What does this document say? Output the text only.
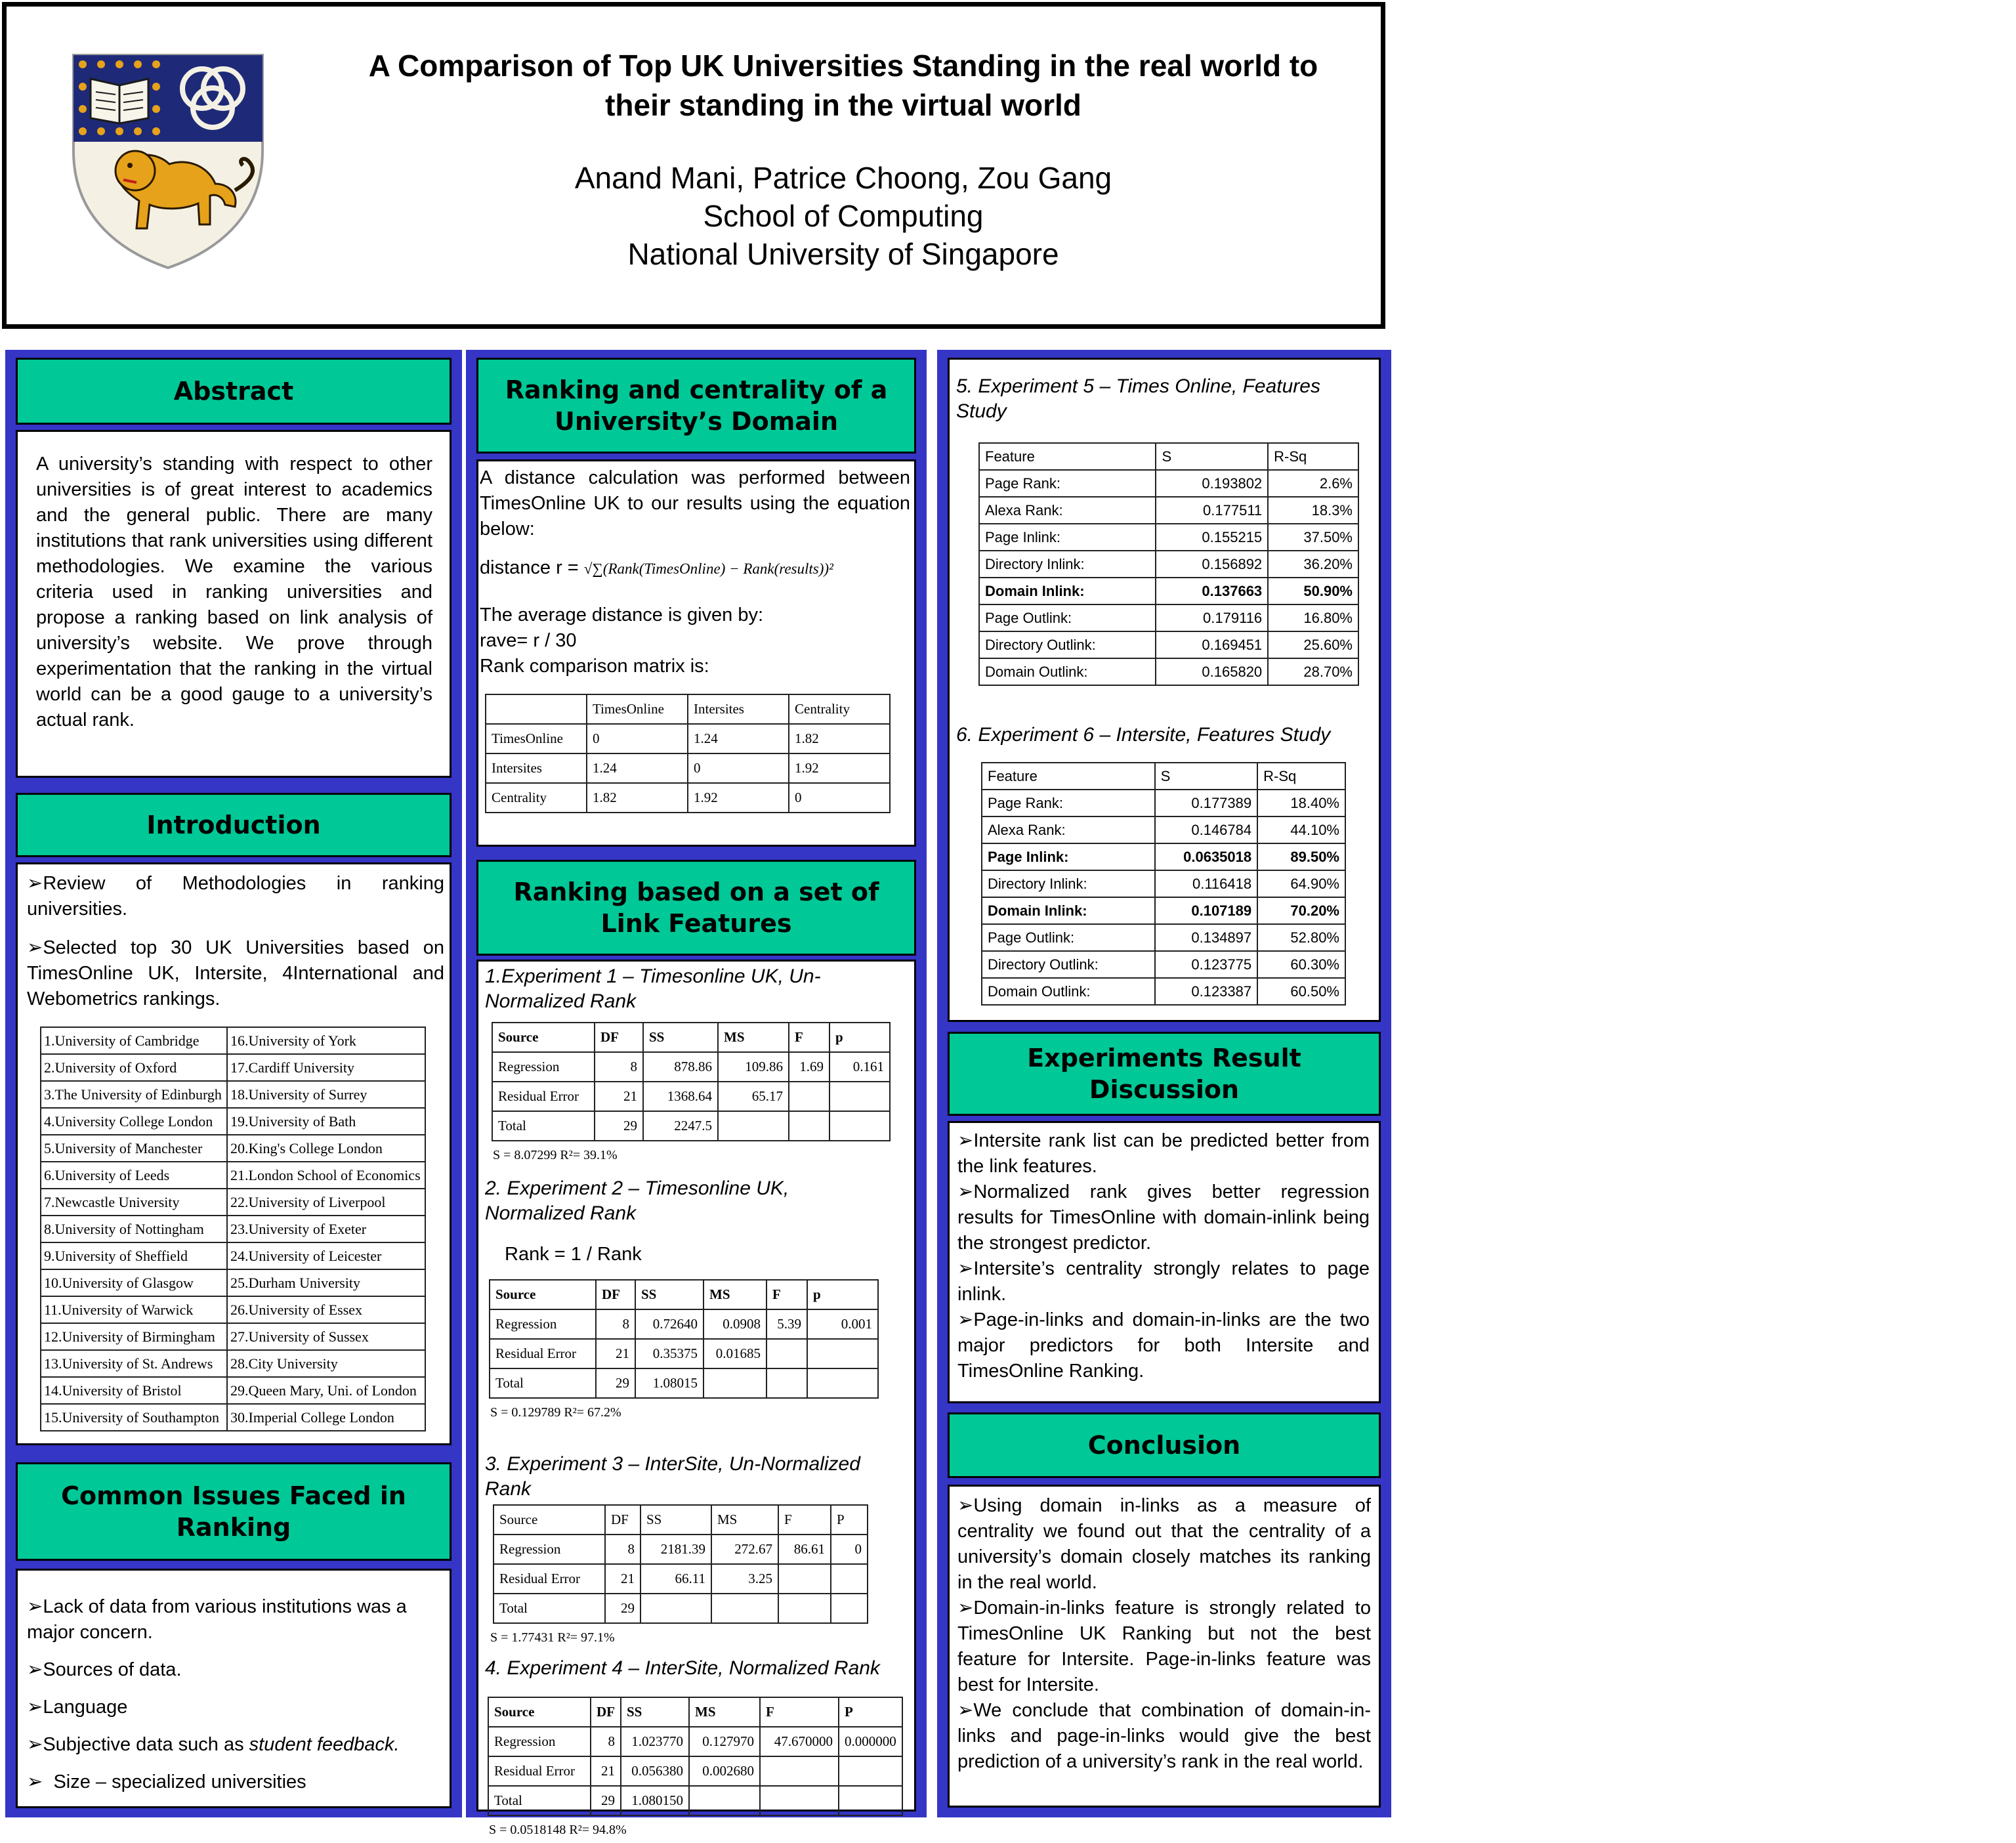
A Comparison of Top UK Universities Standing in the real world to
their standing in the virtual world
Anand Mani, Patrice Choong, Zou Gang
School of Computing
National University of Singapore
Abstract
A university’s standing with respect to other universities is of great interest to academics and the general public. There are many institutions that rank universities using different methodologies. We examine the various criteria used in ranking universities and propose a ranking based on link analysis of university’s website. We prove through experimentation that the ranking in the virtual world can be a good gauge to a university’s actual rank.
Introduction
➢Review of Methodologies in ranking universities.
➢Selected top 30 UK Universities based on TimesOnline UK, Intersite, 4International and Webometrics rankings.
1.University of Cambridge	16.University of York
2.University of Oxford	17.Cardiff University
3.The University of Edinburgh	18.University of Surrey
4.University College London	19.University of Bath
5.University of Manchester	20.King's College London
6.University of Leeds	21.London School of Economics
7.Newcastle University	22.University of Liverpool
8.University of Nottingham	23.University of Exeter
9.University of Sheffield	24.University of Leicester
10.University of Glasgow	25.Durham University
11.University of Warwick	26.University of Essex
12.University of Birmingham	27.University of Sussex
13.University of St. Andrews	28.City University
14.University of Bristol	29.Queen Mary, Uni. of London
15.University of Southampton	30.Imperial College London
Common Issues Faced in Ranking
➢Lack of data from various institutions was a major concern.
➢Sources of data.
➢Language
➢Subjective data such as student feedback.
➢ Size – specialized universities
Ranking and centrality of a University’s Domain
A distance calculation was performed between TimesOnline UK to our results using the equation below:
distance r = √∑(Rank(TimesOnline) − Rank(results))²
The average distance is given by:
rave= r / 30
Rank comparison matrix is:
	TimesOnline	Intersites	Centrality
TimesOnline	0	1.24	1.82
Intersites	1.24	0	1.92
Centrality	1.82	1.92	0
Ranking based on a set of Link Features
1.Experiment 1 – Timesonline UK, Un-Normalized Rank
Source	DF	SS	MS	F	p
Regression	8	878.86	109.86	1.69	0.161
Residual Error	21	1368.64	65.17		
Total	29	2247.5			
S = 8.07299 R²= 39.1%
2. Experiment 2 – Timesonline UK, Normalized Rank
Rank = 1 / Rank
Source	DF	SS	MS	F	p
Regression	8	0.72640	0.0908	5.39	0.001
Residual Error	21	0.35375	0.01685		
Total	29	1.08015			
S = 0.129789 R²= 67.2%
3. Experiment 3 – InterSite, Un-Normalized Rank
Source	DF	SS	MS	F	P
Regression	8	2181.39	272.67	86.61	0
Residual Error	21	66.11	3.25		
Total	29				
S = 1.77431 R²= 97.1%
4. Experiment 4 – InterSite, Normalized Rank
Source	DF	SS	MS	F	P
Regression	8	1.023770	0.127970	47.670000	0.000000
Residual Error	21	0.056380	0.002680		
Total	29	1.080150			
S = 0.0518148 R²= 94.8%
5. Experiment 5 – Times Online, Features Study
Feature	S	R-Sq
Page Rank:	0.193802	2.6%
Alexa Rank:	0.177511	18.3%
Page Inlink:	0.155215	37.50%
Directory Inlink:	0.156892	36.20%
Domain Inlink:	0.137663	50.90%
Page Outlink:	0.179116	16.80%
Directory Outlink:	0.169451	25.60%
Domain Outlink:	0.165820	28.70%
6. Experiment 6 – Intersite, Features Study
Feature	S	R-Sq
Page Rank:	0.177389	18.40%
Alexa Rank:	0.146784	44.10%
Page Inlink:	0.0635018	89.50%
Directory Inlink:	0.116418	64.90%
Domain Inlink:	0.107189	70.20%
Page Outlink:	0.134897	52.80%
Directory Outlink:	0.123775	60.30%
Domain Outlink:	0.123387	60.50%
Experiments Result Discussion
➢Intersite rank list can be predicted better from the link features.
➢Normalized rank gives better regression results for TimesOnline with domain-inlink being the strongest predictor.
➢Intersite’s centrality strongly relates to page inlink.
➢Page-in-links and domain-in-links are the two major predictors for both Intersite and TimesOnline Ranking.
Conclusion
➢Using domain in-links as a measure of centrality we found out that the centrality of a university’s domain closely matches its ranking in the real world.
➢Domain-in-links feature is strongly related to TimesOnline UK Ranking but not the best feature for Intersite. Page-in-links feature was best for Intersite.
➢We conclude that combination of domain-in-links and page-in-links would give the best prediction of a university’s rank in the real world.
